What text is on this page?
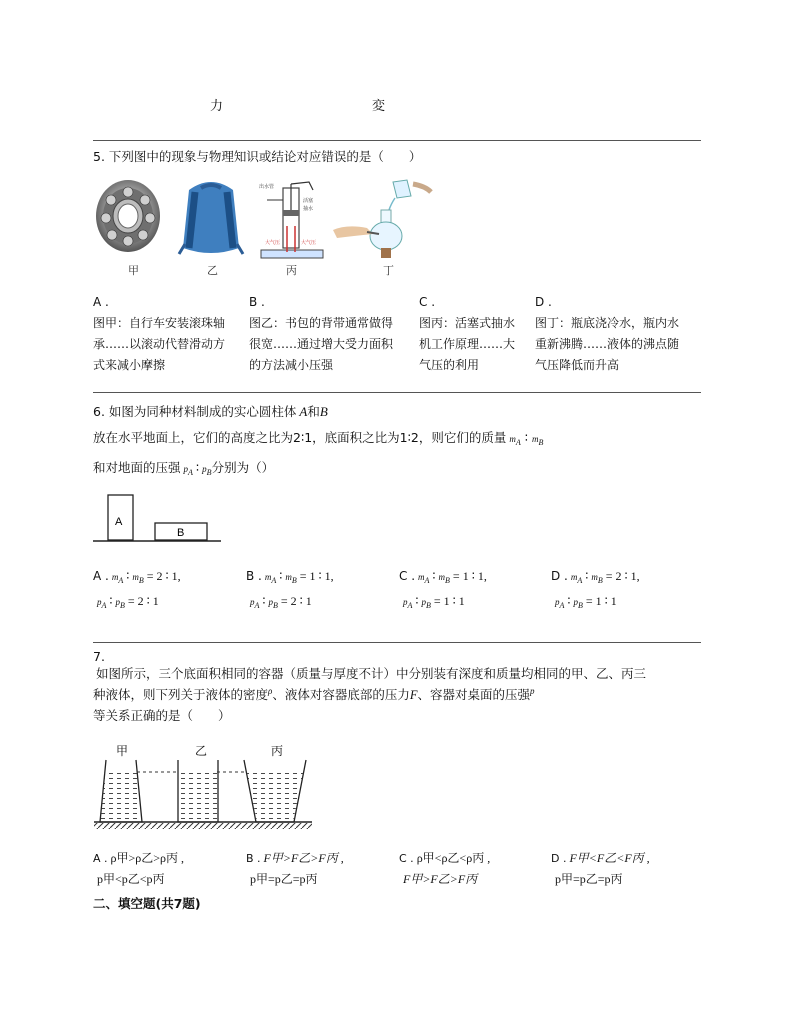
力	変
5. 下列图中的现象与物理知识或结论对应错误的是（　　）
出水管
活塞
抽水
大气压	大气压
甲	乙	丙	丁
A .
图甲：自行车安装滚珠轴
承……以滚动代替滑动方
式来减小摩擦
B .
图乙：书包的背带通常做得
很宽……通过增大受力面积
的方法减小压强
C .
图丙：活塞式抽水
机工作原理……大
气压的利用
D .
图丁：瓶底浇冷水，瓶内水
重新沸腾……液体的沸点随
气压降低而升高
6. 如图为同种材料制成的实心圆柱体 A和B
放在水平地面上，它们的高度之比为2∶1，底面积之比为1∶2，则它们的质量 $m_A$ ∶ $m_B$
和对地面的压强 $p_A$ ∶ $p_B$分别为（）
A
B
A . $m_A$ ∶ $m_B = 2$ ∶ 1,
$p_A$ ∶ $p_B = 2$ ∶ 1
B . $m_A$ ∶ $m_B = 1$ ∶ 1,
$p_A$ ∶ $p_B = 2$ ∶ 1
C . $m_A$ ∶ $m_B = 1$ ∶ 1,
$p_A$ ∶ $p_B = 1$ ∶ 1
D . $m_A$ ∶ $m_B = 2$ ∶ 1,
$p_A$ ∶ $p_B = 1$ ∶ 1
7.
如图所示，三个底面积相同的容器（质量与厚度不计）中分别装有深度和质量均相同的甲、乙、丙三
种液体，则下列关于液体的密度$^\rho$、液体对容器底部的压力F、容器对桌面的压强$^p$
等关系正确的是（　　）
甲	乙	丙
A . ρ甲>ρ乙>ρ丙 ,
p甲<p乙<p丙
B . F甲>F乙>F丙 ,
p甲=p乙=p丙
C . ρ甲<ρ乙<ρ丙 ,
F甲>F乙>F丙
D . F甲<F乙<F丙 ,
p甲=p乙=p丙
二、填空题(共7题)
